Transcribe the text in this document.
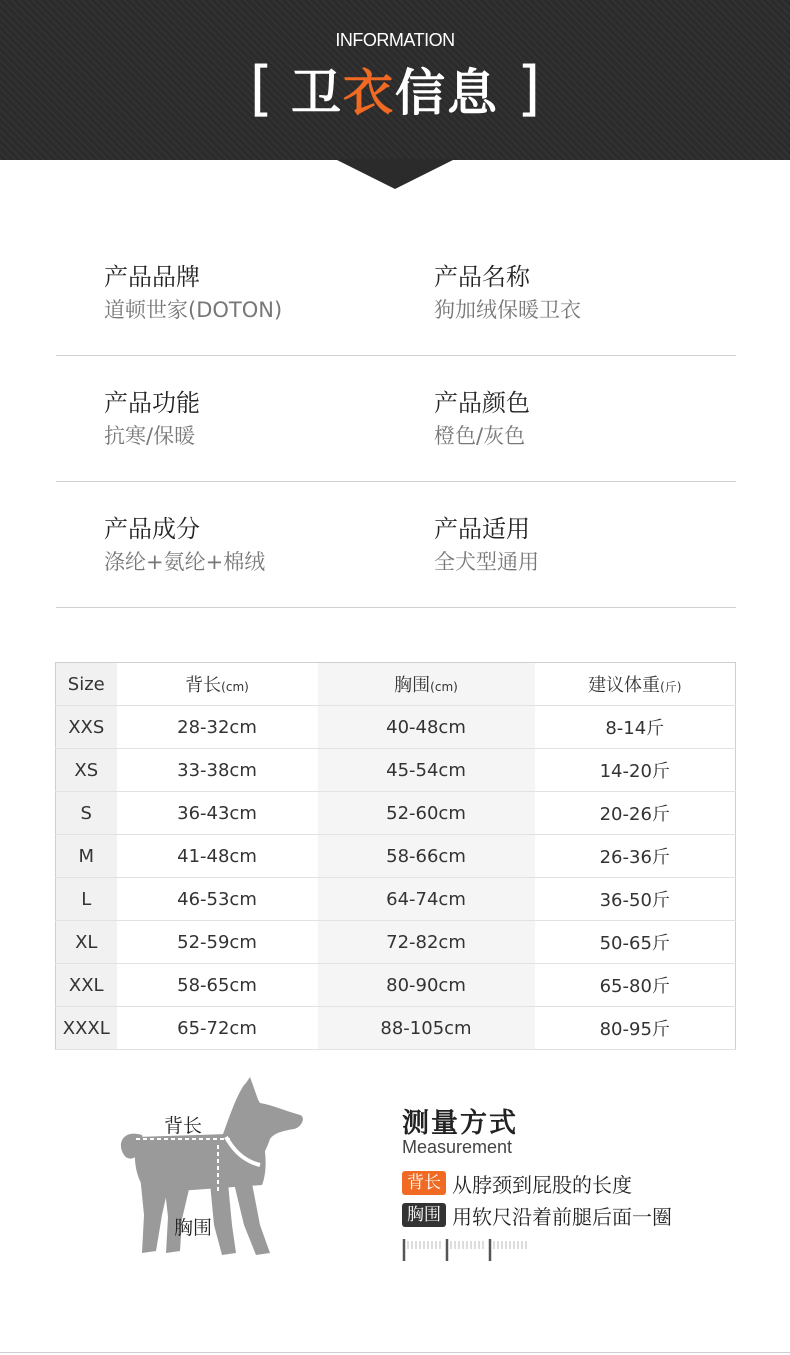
INFORMATION
[ 卫衣信息 ]
产品品牌
道顿世家(DOTON)
产品名称
狗加绒保暖卫衣
产品功能
抗寒/保暖
产品颜色
橙色/灰色
产品成分
涤纶+氨纶+棉绒
产品适用
全犬型通用
Size	背长(cm)	胸围(cm)	建议体重(斤)
XXS	28-32cm	40-48cm	8-14斤
XS	33-38cm	45-54cm	14-20斤
S	36-43cm	52-60cm	20-26斤
M	41-48cm	58-66cm	26-36斤
L	46-53cm	64-74cm	36-50斤
XL	52-59cm	72-82cm	50-65斤
XXL	58-65cm	80-90cm	65-80斤
XXXL	65-72cm	88-105cm	80-95斤
背长
胸围
测量方式
Measurement
背长 从脖颈到屁股的长度
胸围 用软尺沿着前腿后面一圈
